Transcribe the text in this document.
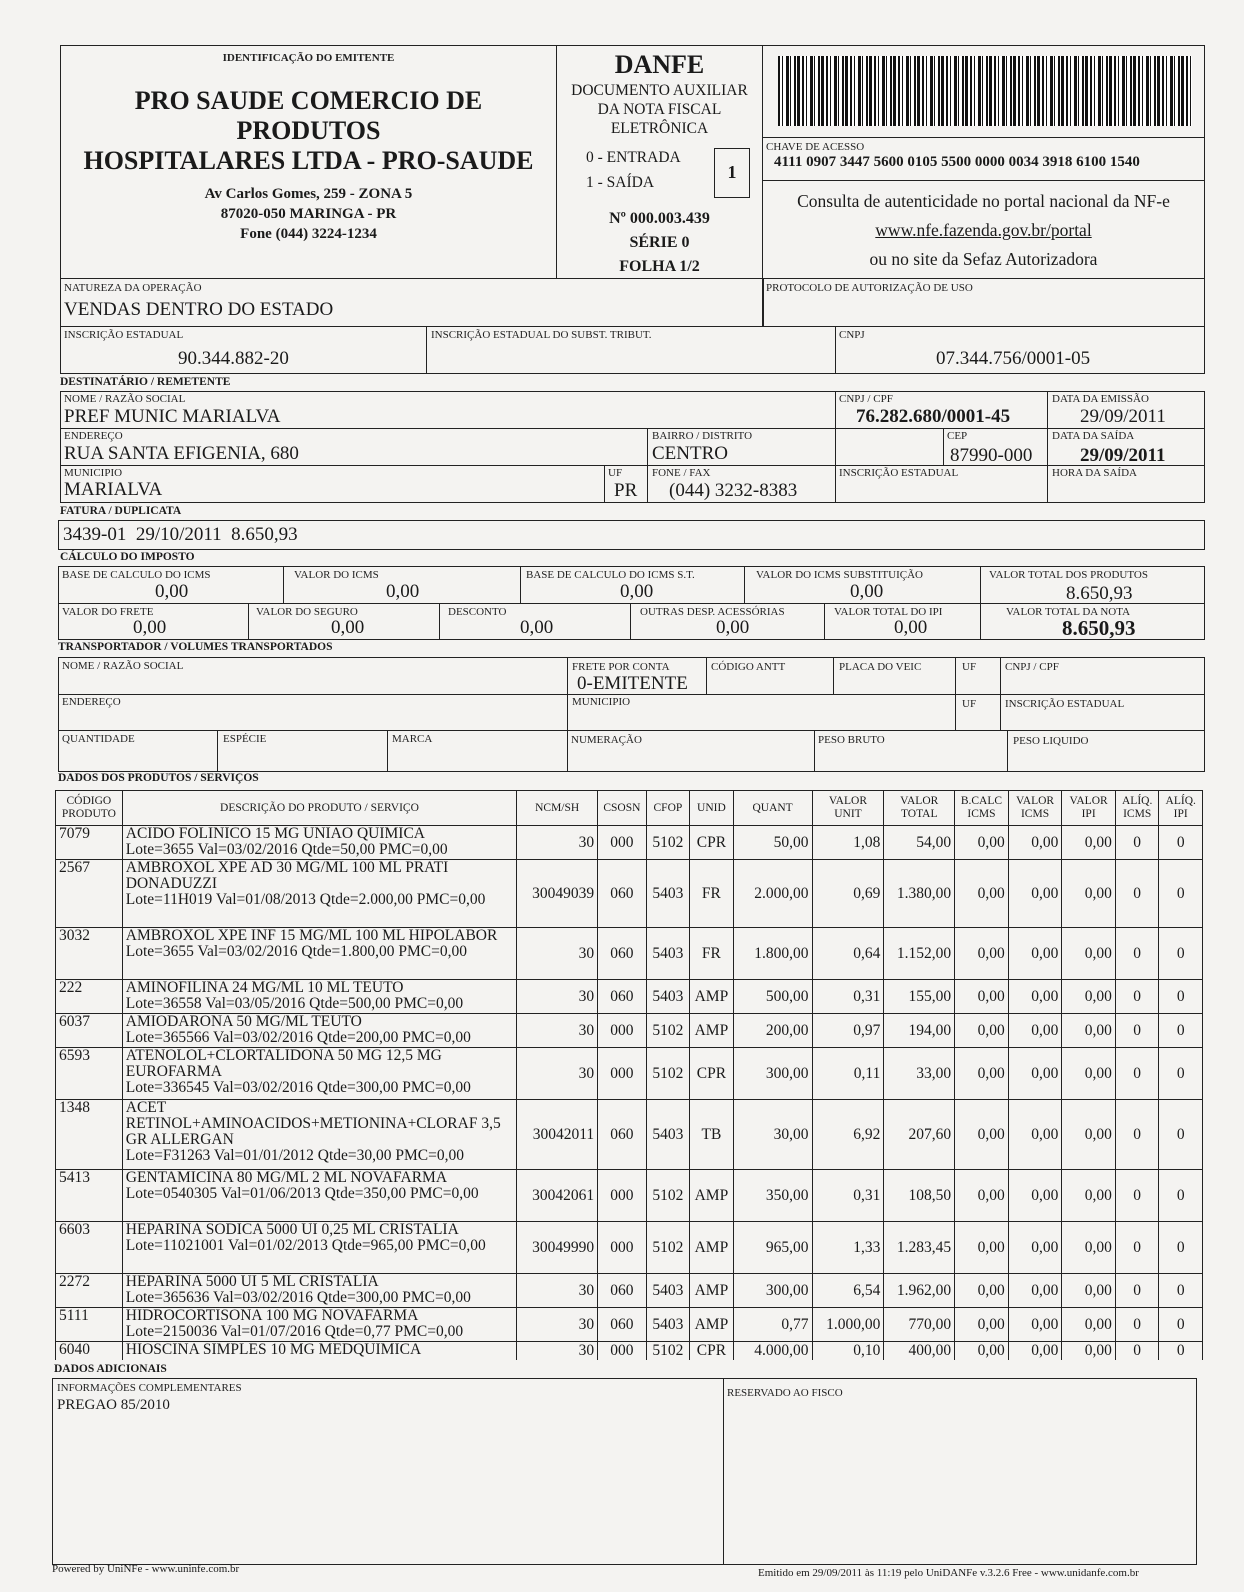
IDENTIFICAÇÃO DO EMITENTE
PRO SAUDE COMERCIO DE PRODUTOS
HOSPITALARES LTDA - PRO-SAUDE
Av Carlos Gomes, 259 - ZONA 5
87020-050 MARINGA - PR
Fone (044) 3224-1234
DANFE
DOCUMENTO AUXILIAR
DA NOTA FISCAL
ELETRÔNICA
0 - ENTRADA
1 - SAÍDA
1
Nº 000.003.439
SÉRIE 0
FOLHA 1/2
CHAVE DE ACESSO
4111 0907 3447 5600 0105 5500 0000 0034 3918 6100 1540
Consulta de autenticidade no portal nacional da NF-e
www.nfe.fazenda.gov.br/portal
ou no site da Sefaz Autorizadora
NATUREZA DA OPERAÇÃO
VENDAS DENTRO DO ESTADO
PROTOCOLO DE AUTORIZAÇÃO DE USO
INSCRIÇÃO ESTADUAL
90.344.882-20
INSCRIÇÃO ESTADUAL DO SUBST. TRIBUT.	CNPJ
07.344.756/0001-05
DESTINATÁRIO / REMETENTE
NOME / RAZÃO SOCIAL
PREF MUNIC MARIALVA
CNPJ / CPF
76.282.680/0001-45
DATA DA EMISSÃO
29/09/2011
ENDEREÇO
RUA SANTA EFIGENIA, 680
BAIRRO / DISTRITO
CENTRO
CEP
87990-000
DATA DA SAÍDA
29/09/2011
MUNICIPIO
MARIALVA
UF
PR
FONE / FAX
(044) 3232-8383
INSCRIÇÃO ESTADUAL	HORA DA SAÍDA
FATURA / DUPLICATA
3439-01  29/10/2011  8.650,93
CÁLCULO DO IMPOSTO
BASE DE CALCULO DO ICMS
0,00
VALOR DO ICMS
0,00
BASE DE CALCULO DO ICMS S.T.
0,00
VALOR DO ICMS SUBSTITUIÇÃO
0,00
VALOR TOTAL DOS PRODUTOS
8.650,93
VALOR DO FRETE
0,00
VALOR DO SEGURO
0,00
DESCONTO
0,00
OUTRAS DESP. ACESSÓRIAS
0,00
VALOR TOTAL DO IPI
0,00
VALOR TOTAL DA NOTA
8.650,93
TRANSPORTADOR / VOLUMES TRANSPORTADOS
NOME / RAZÃO SOCIAL	FRETE POR CONTA
0-EMITENTE
CÓDIGO ANTT	PLACA DO VEIC	UF	CNPJ / CPF
ENDEREÇO	MUNICIPIO	UF	INSCRIÇÃO ESTADUAL
QUANTIDADE	ESPÉCIE	MARCA	NUMERAÇÃO	PESO BRUTO	PESO LIQUIDO
DADOS DOS PRODUTOS / SERVIÇOS
CÓDIGO PRODUTO	DESCRIÇÃO DO PRODUTO / SERVIÇO	NCM/SH	CSOSN	CFOP	UNID	QUANT	VALOR UNIT	VALOR TOTAL	B.CALC ICMS	VALOR ICMS	VALOR IPI	ALÍQ. ICMS	ALÍQ. IPI
7079	ACIDO FOLINICO 15 MG UNIAO QUIMICA
Lote=3655 Val=03/02/2016 Qtde=50,00 PMC=0,00	30	000	5102	CPR	50,00	1,08	54,00	0,00	0,00	0,00	0	0
2567	AMBROXOL XPE AD 30 MG/ML 100 ML PRATI DONADUZZI
Lote=11H019 Val=01/08/2013 Qtde=2.000,00 PMC=0,00	30049039	060	5403	FR	2.000,00	0,69	1.380,00	0,00	0,00	0,00	0	0
3032	AMBROXOL XPE INF 15 MG/ML 100 ML HIPOLABOR
Lote=3655 Val=03/02/2016 Qtde=1.800,00 PMC=0,00	30	060	5403	FR	1.800,00	0,64	1.152,00	0,00	0,00	0,00	0	0
222	AMINOFILINA 24 MG/ML 10 ML TEUTO
Lote=36558 Val=03/05/2016 Qtde=500,00 PMC=0,00	30	060	5403	AMP	500,00	0,31	155,00	0,00	0,00	0,00	0	0
6037	AMIODARONA 50 MG/ML TEUTO
Lote=365566 Val=03/02/2016 Qtde=200,00 PMC=0,00	30	000	5102	AMP	200,00	0,97	194,00	0,00	0,00	0,00	0	0
6593	ATENOLOL+CLORTALIDONA 50 MG 12,5 MG EUROFARMA
Lote=336545 Val=03/02/2016 Qtde=300,00 PMC=0,00	30	000	5102	CPR	300,00	0,11	33,00	0,00	0,00	0,00	0	0
1348	ACET RETINOL+AMINOACIDOS+METIONINA+CLORAF 3,5 GR ALLERGAN
Lote=F31263 Val=01/01/2012 Qtde=30,00 PMC=0,00	30042011	060	5403	TB	30,00	6,92	207,60	0,00	0,00	0,00	0	0
5413	GENTAMICINA 80 MG/ML 2 ML NOVAFARMA
Lote=0540305 Val=01/06/2013 Qtde=350,00 PMC=0,00	30042061	000	5102	AMP	350,00	0,31	108,50	0,00	0,00	0,00	0	0
6603	HEPARINA SODICA 5000 UI 0,25 ML CRISTALIA
Lote=11021001 Val=01/02/2013 Qtde=965,00 PMC=0,00	30049990	000	5102	AMP	965,00	1,33	1.283,45	0,00	0,00	0,00	0	0
2272	HEPARINA 5000 UI 5 ML CRISTALIA
Lote=365636 Val=03/02/2016 Qtde=300,00 PMC=0,00	30	060	5403	AMP	300,00	6,54	1.962,00	0,00	0,00	0,00	0	0
5111	HIDROCORTISONA 100 MG NOVAFARMA
Lote=2150036 Val=01/07/2016 Qtde=0,77 PMC=0,00	30	060	5403	AMP	0,77	1.000,00	770,00	0,00	0,00	0,00	0	0
6040	HIOSCINA SIMPLES 10 MG MEDQUIMICA	30	000	5102	CPR	4.000,00	0,10	400,00	0,00	0,00	0,00	0	0
DADOS ADICIONAIS
INFORMAÇÕES COMPLEMENTARES
PREGAO 85/2010
RESERVADO AO FISCO
Powered by UniNFe - www.uninfe.com.br	Emitido em 29/09/2011 às 11:19 pelo UniDANFe v.3.2.6 Free - www.unidanfe.com.br
